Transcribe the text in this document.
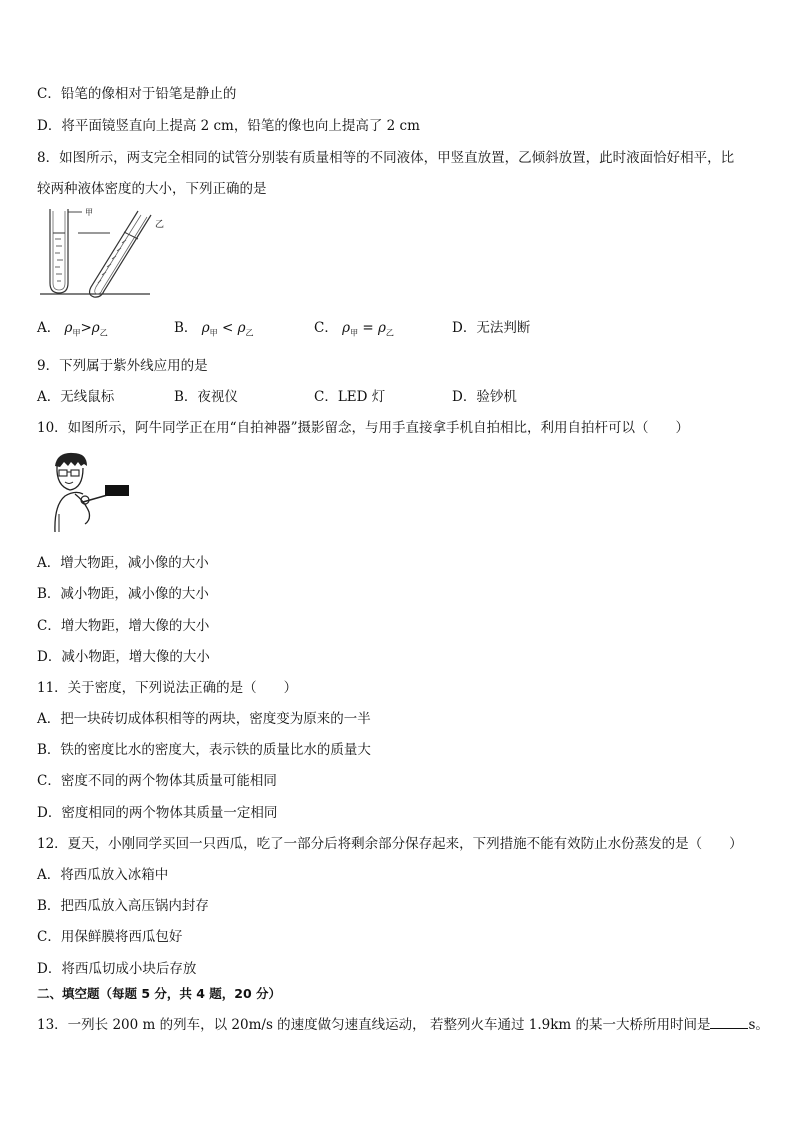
C．铅笔的像相对于铅笔是静止的
D．将平面镜竖直向上提高 2 cm，铅笔的像也向上提高了 2 cm
8．如图所示，两支完全相同的试管分别装有质量相等的不同液体，甲竖直放置，乙倾斜放置，此时液面恰好相平，比
较两种液体密度的大小，下列正确的是
甲
乙
A． $\rho_甲>\rho_乙$	B． $\rho_甲 < \rho_乙$	C． $\rho_甲 = \rho_乙$	D．无法判断
9．下列属于紫外线应用的是
A．无线鼠标	B．夜视仪	C．LED 灯	D．验钞机
10．如图所示，阿牛同学正在用“自拍神器”摄影留念，与用手直接拿手机自拍相比，利用自拍杆可以（　　）
A．增大物距，减小像的大小
B．减小物距，减小像的大小
C．增大物距，增大像的大小
D．减小物距，增大像的大小
11．关于密度，下列说法正确的是（　　）
A．把一块砖切成体积相等的两块，密度变为原来的一半
B．铁的密度比水的密度大，表示铁的质量比水的质量大
C．密度不同的两个物体其质量可能相同
D．密度相同的两个物体其质量一定相同
12．夏天，小刚同学买回一只西瓜，吃了一部分后将剩余部分保存起来，下列措施不能有效防止水份蒸发的是（　　）
A．将西瓜放入冰箱中
B．把西瓜放入高压锅内封存
C．用保鲜膜将西瓜包好
D．将西瓜切成小块后存放
二、填空题（每题 5 分，共 4 题，20 分）
13．一列长 200 m 的列车，以 20m/s 的速度做匀速直线运动， 若整列火车通过 1.9km 的某一大桥所用时间是	s。
